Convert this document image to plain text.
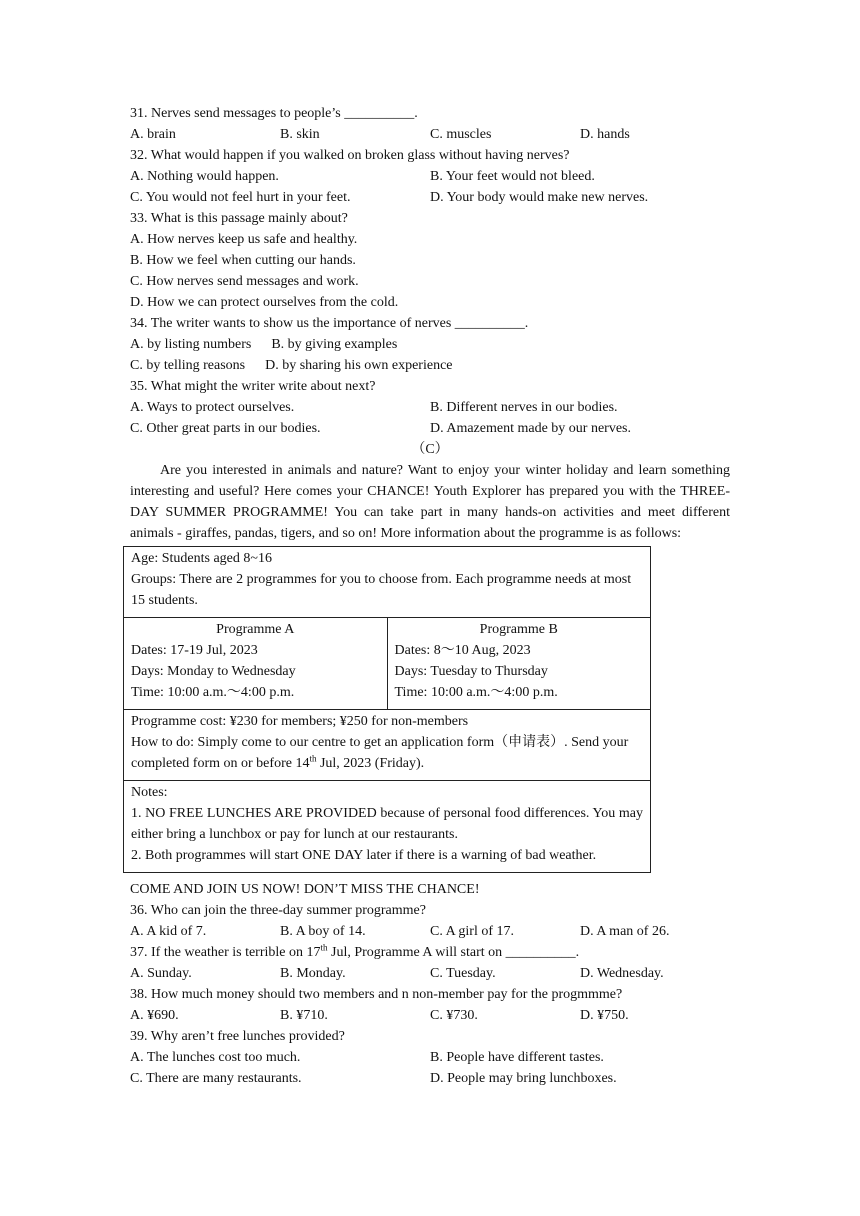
31. Nerves send messages to people’s __________.
A. brain	B. skin	C. muscles	D. hands
32. What would happen if you walked on broken glass without having nerves?
A. Nothing would happen.	B. Your feet would not bleed.
C. You would not feel hurt in your feet.	D. Your body would make new nerves.
33. What is this passage mainly about?
A. How nerves keep us safe and healthy.
B. How we feel when cutting our hands.
C. How nerves send messages and work.
D. How we can protect ourselves from the cold.
34. The writer wants to show us the importance of nerves __________.
A. by listing numbers B. by giving examples
C. by telling reasons D. by sharing his own experience
35. What might the writer write about next?
A. Ways to protect ourselves.	B. Different nerves in our bodies.
C. Other great parts in our bodies.	D. Amazement made by our nerves.
（C）
Are you interested in animals and nature? Want to enjoy your winter holiday and learn something interesting and useful? Here comes your CHANCE! Youth Explorer has prepared you with the THREE-DAY SUMMER PROGRAMME! You can take part in many hands-on activities and meet different animals - giraffes, pandas, tigers, and so on! More information about the programme is as follows:
Age: Students aged 8~16
Groups: There are 2 programmes for you to choose from. Each programme needs at most 15 students.

Programme A
Dates: 17-19 Jul, 2023
Days: Monday to Wednesday
Time: 10:00 a.m.～4:00 p.m.

Programme B
Dates: 8～10 Aug, 2023
Days: Tuesday to Thursday
Time: 10:00 a.m.～4:00 p.m.

Programme cost: ¥230 for members; ¥250 for non-members
How to do: Simply come to our centre to get an application form（申请表）. Send your completed form on or before 14th Jul, 2023 (Friday).

Notes:
1. NO FREE LUNCHES ARE PROVIDED because of personal food differences. You may either bring a lunchbox or pay for lunch at our restaurants.
2. Both programmes will start ONE DAY later if there is a warning of bad weather.
COME AND JOIN US NOW! DON’T MISS THE CHANCE!
36. Who can join the three-day summer programme?
A. A kid of 7.	B. A boy of 14.	C. A girl of 17.	D. A man of 26.
37. If the weather is terrible on 17th Jul, Programme A will start on __________.
A. Sunday.	B. Monday.	C. Tuesday.	D. Wednesday.
38. How much money should two members and n non-member pay for the progmmme?
A. ¥690.	B. ¥710.	C. ¥730.	D. ¥750.
39. Why aren’t free lunches provided?
A. The lunches cost too much.	B. People have different tastes.
C. There are many restaurants.	D. People may bring lunchboxes.
